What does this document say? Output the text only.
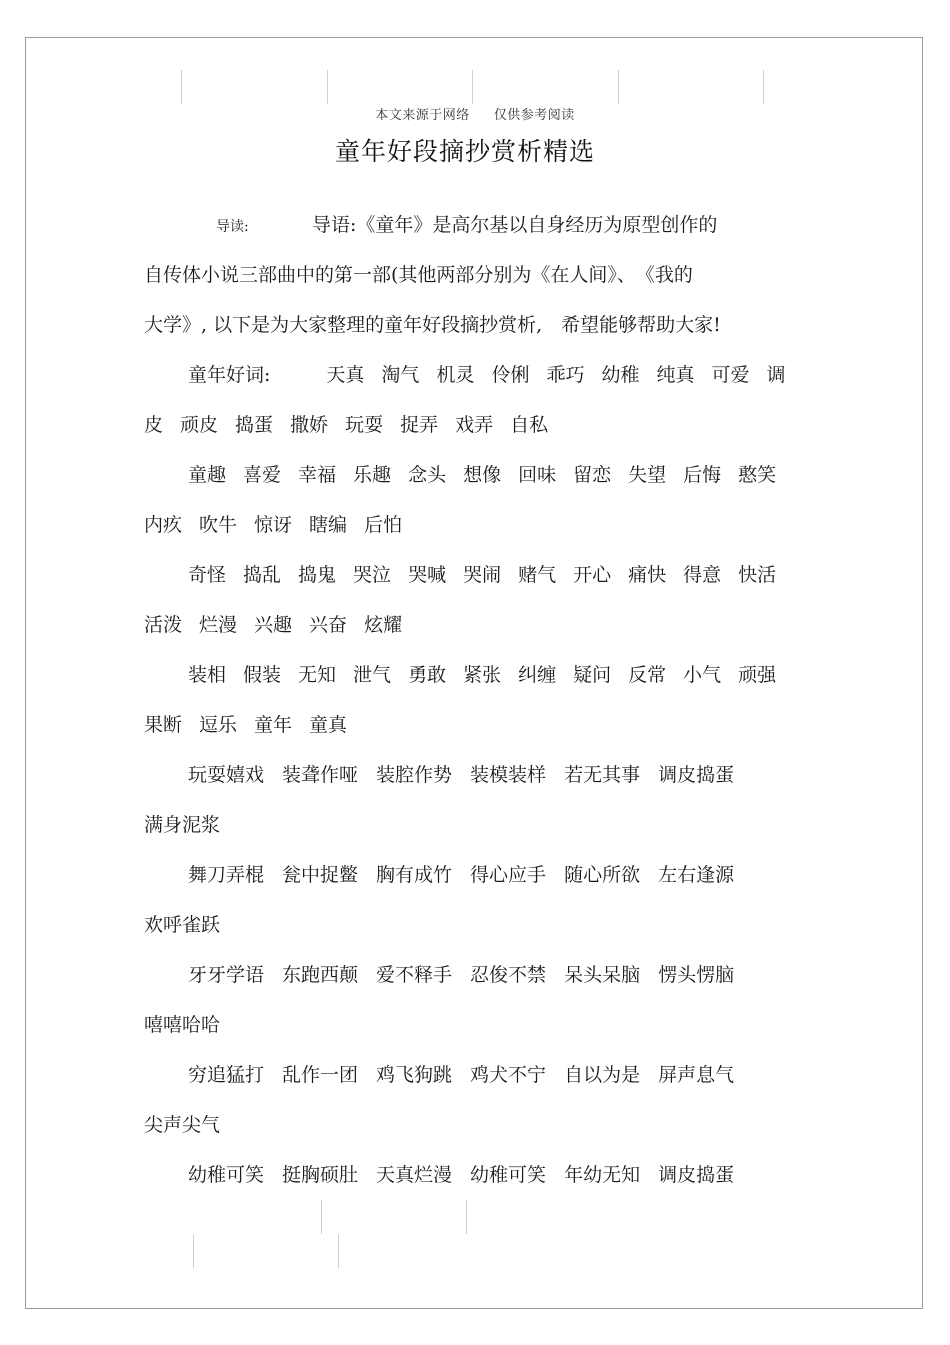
本文来源于网络 仅供参考阅读
童年好段摘抄赏析精选
导读:	导语:《童年》是高尔基以自身经历为原型创作的
自传体小说三部曲中的第一部(其他两部分别为《在人间》、　《我的
大学》, 以下是为大家整理的童年好段摘抄赏析,　希望能够帮助大家!
童年好词:	天真 淘气 机灵 伶俐 乖巧 幼稚 纯真 可爱 调
皮 顽皮 捣蛋 撒娇 玩耍 捉弄 戏弄 自私
童趣 喜爱 幸福 乐趣 念头 想像 回味 留恋 失望 后悔 憨笑
内疚 吹牛 惊讶 瞎编 后怕
奇怪 捣乱 捣鬼 哭泣 哭喊 哭闹 赌气 开心 痛快 得意 快活
活泼 烂漫 兴趣 兴奋 炫耀
装相 假装 无知 泄气 勇敢 紧张 纠缠 疑问 反常 小气 顽强
果断 逗乐 童年 童真
玩耍嬉戏 装聋作哑 装腔作势 装模装样 若无其事 调皮捣蛋
满身泥浆
舞刀弄棍 瓮中捉鳖 胸有成竹 得心应手 随心所欲 左右逢源
欢呼雀跃
牙牙学语 东跑西颠 爱不释手 忍俊不禁 呆头呆脑 愣头愣脑
嘻嘻哈哈
穷追猛打 乱作一团 鸡飞狗跳 鸡犬不宁 自以为是 屏声息气
尖声尖气
幼稚可笑 挺胸硕肚 天真烂漫 幼稚可笑 年幼无知 调皮捣蛋
